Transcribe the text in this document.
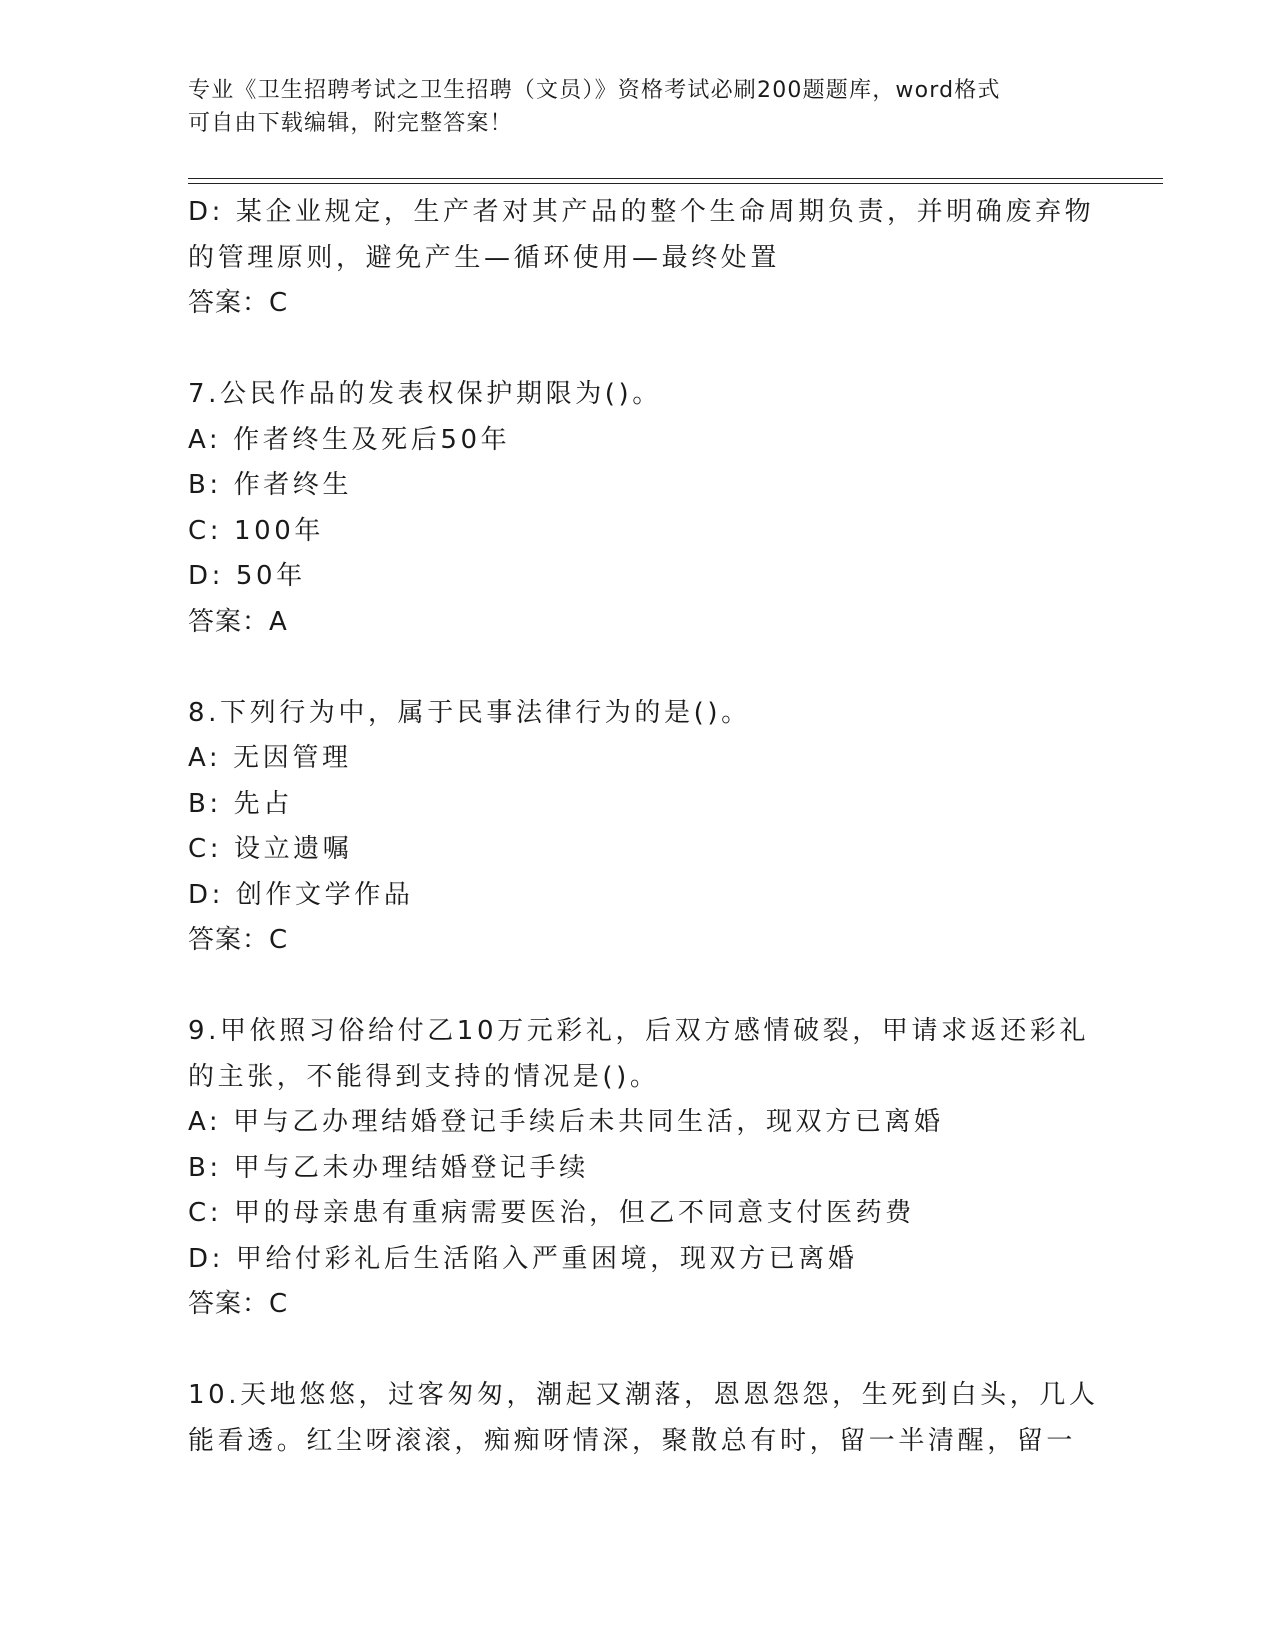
专业《卫生招聘考试之卫生招聘（文员）》资格考试必刷200题题库，word格式
可自由下载编辑，附完整答案！
D: 某企业规定，生产者对其产品的整个生命周期负责，并明确废弃物
的管理原则，避免产生—循环使用—最终处置
答案：C
7.公民作品的发表权保护期限为()。
A: 作者终生及死后50年
B: 作者终生
C: 100年
D: 50年
答案：A
8.下列行为中，属于民事法律行为的是()。
A: 无因管理
B: 先占
C: 设立遗嘱
D: 创作文学作品
答案：C
9.甲依照习俗给付乙10万元彩礼，后双方感情破裂，甲请求返还彩礼
的主张，不能得到支持的情况是()。
A: 甲与乙办理结婚登记手续后未共同生活，现双方已离婚
B: 甲与乙未办理结婚登记手续
C: 甲的母亲患有重病需要医治，但乙不同意支付医药费
D: 甲给付彩礼后生活陷入严重困境，现双方已离婚
答案：C
10.天地悠悠，过客匆匆，潮起又潮落，恩恩怨怨，生死到白头，几人
能看透。红尘呀滚滚，痴痴呀情深，聚散总有时，留一半清醒，留一
